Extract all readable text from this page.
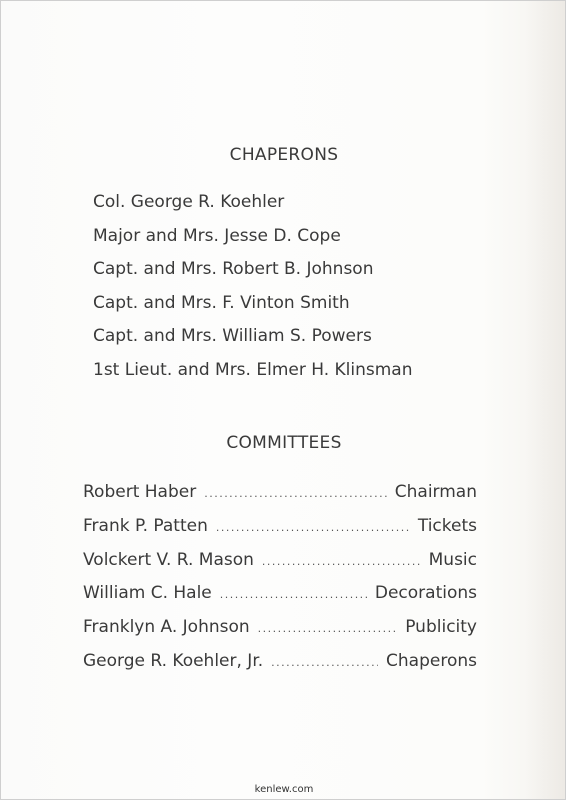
CHAPERONS
Col. George R. Koehler
Major and Mrs. Jesse D. Cope
Capt. and Mrs. Robert B. Johnson
Capt. and Mrs. F. Vinton Smith
Capt. and Mrs. William S. Powers
1st Lieut. and Mrs. Elmer H. Klinsman
COMMITTEES
Robert Haber .....	Chairman
Frank P. Patten .....	Tickets
Volckert V. R. Mason .....	Music
William C. Hale .....	Decorations
Franklyn A. Johnson .....	Publicity
George R. Koehler, Jr. .....	Chaperons
kenlew.com
